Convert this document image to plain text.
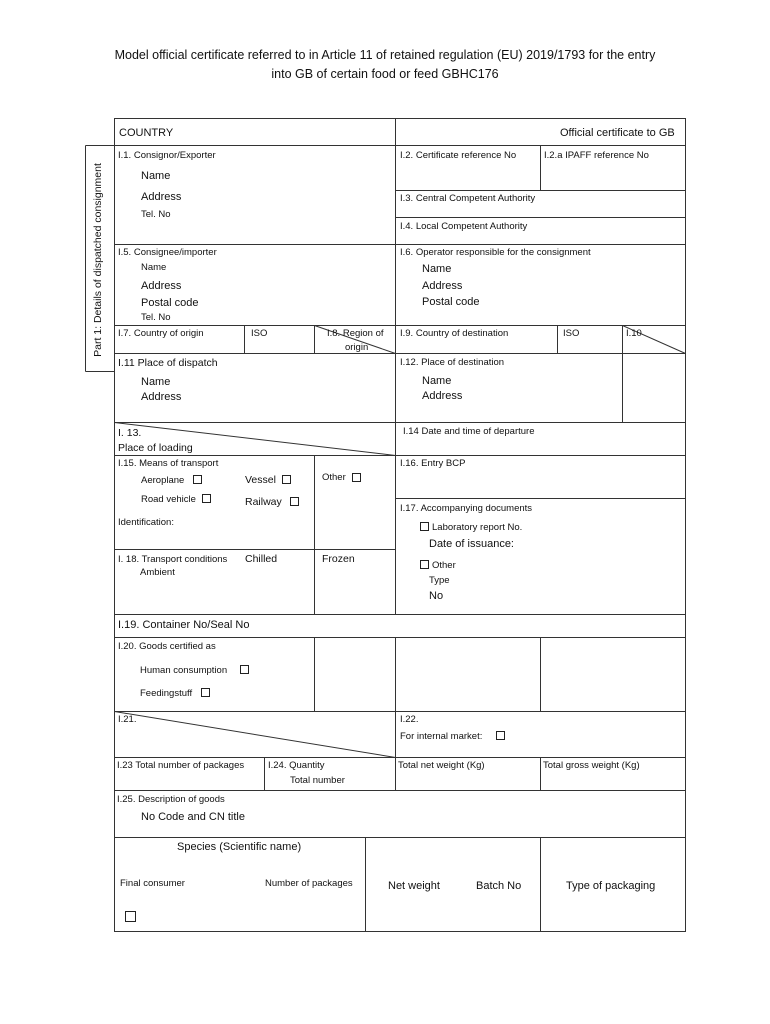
Model official certificate referred to in Article 11 of retained regulation (EU) 2019/1793 for the entry
into GB of certain food or feed GBHC176
Part 1: Details of dispatched consignment
COUNTRY	Official certificate to GB
I.1. Consignor/Exporter
Name
Address
Tel. No
I.2. Certificate reference No	I.2.a IPAFF reference No
I.3. Central Competent Authority
I.4. Local Competent Authority
I.5. Consignee/importer
Name
Address
Postal code
Tel. No
I.6. Operator responsible for the consignment
Name
Address
Postal code
I.7. Country of origin	ISO	I.8. Region of
origin
I.9. Country of destination	ISO	I.10
I.11 Place of dispatch
Name
Address
I.12. Place of destination
Name
Address
I. 13.
Place of loading
I.14 Date and time of departure
I.15. Means of transport
Aeroplane	Vessel	Other
Road vehicle	Railway
Identification:
I.16. Entry BCP
I.17. Accompanying documents
Laboratory report No.
Date of issuance:
Other
Type
No
I. 18. Transport conditions
Ambient
Chilled	Frozen
I.19. Container No/Seal No
I.20. Goods certified as
Human consumption
Feedingstuff
I.21.	I.22.
For internal market:
I.23 Total number of packages	I.24. Quantity
Total number
Total net weight (Kg)	Total gross weight (Kg)
I.25. Description of goods
No Code and CN title
Species (Scientific name)
Final consumer	Number of packages	Net weight	Batch No	Type of packaging
